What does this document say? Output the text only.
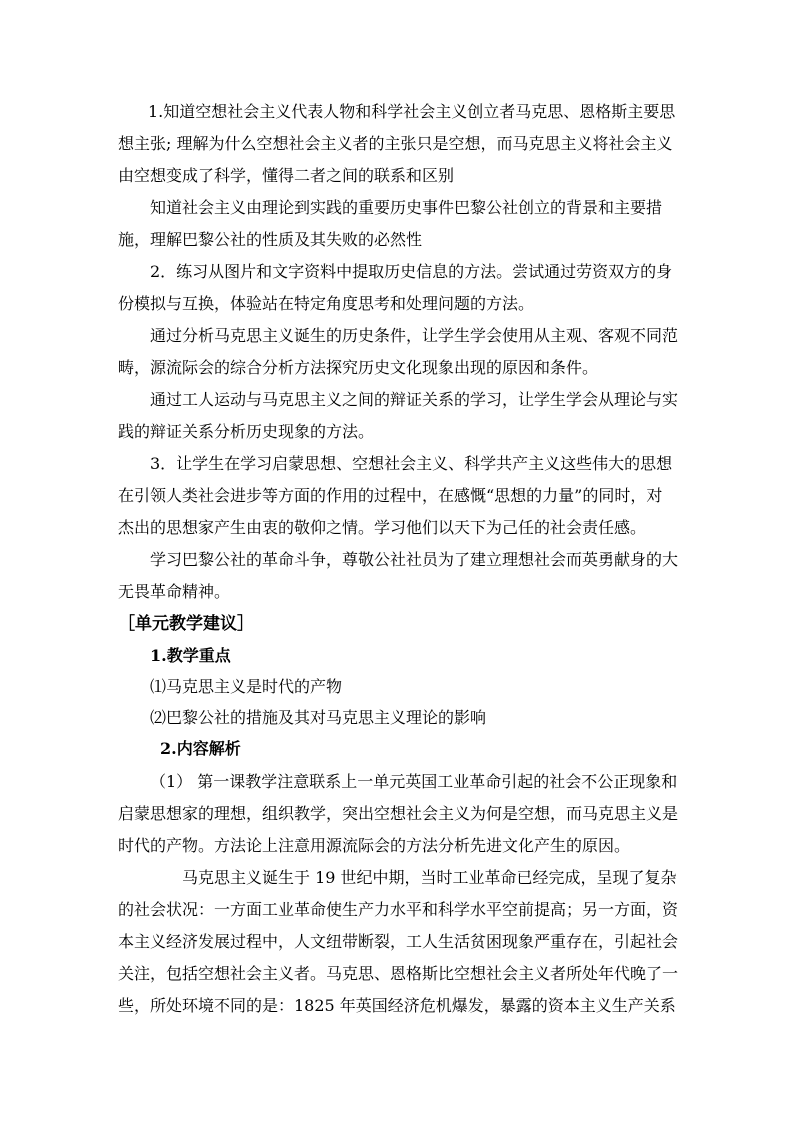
1.知道空想社会主义代表人物和科学社会主义创立者马克思、恩格斯主要思
想主张; 理解为什么空想社会主义者的主张只是空想，而马克思主义将社会主义
由空想变成了科学，懂得二者之间的联系和区别
知道社会主义由理论到实践的重要历史事件巴黎公社创立的背景和主要措
施，理解巴黎公社的性质及其失败的必然性
2．练习从图片和文字资料中提取历史信息的方法。尝试通过劳资双方的身
份模拟与互换，体验站在特定角度思考和处理问题的方法。
通过分析马克思主义诞生的历史条件，让学生学会使用从主观、客观不同范
畴，源流际会的综合分析方法探究历史文化现象出现的原因和条件。
通过工人运动与马克思主义之间的辩证关系的学习，让学生学会从理论与实
践的辩证关系分析历史现象的方法。
3．让学生在学习启蒙思想、空想社会主义、科学共产主义这些伟大的思想
在引领人类社会进步等方面的作用的过程中，在感慨“思想的力量”的同时，对
杰出的思想家产生由衷的敬仰之情。学习他们以天下为己任的社会责任感。
学习巴黎公社的革命斗争，尊敬公社社员为了建立理想社会而英勇献身的大
无畏革命精神。
［单元教学建议］
1.教学重点
⑴马克思主义是时代的产物
⑵巴黎公社的措施及其对马克思主义理论的影响
2.内容解析
（1） 第一课教学注意联系上一单元英国工业革命引起的社会不公正现象和
启蒙思想家的理想，组织教学，突出空想社会主义为何是空想，而马克思主义是
时代的产物。方法论上注意用源流际会的方法分析先进文化产生的原因。
马克思主义诞生于 19 世纪中期，当时工业革命已经完成，呈现了复杂
的社会状况：一方面工业革命使生产力水平和科学水平空前提高；另一方面，资
本主义经济发展过程中，人文纽带断裂，工人生活贫困现象严重存在，引起社会
关注，包括空想社会主义者。马克思、恩格斯比空想社会主义者所处年代晚了一
些，所处环境不同的是：1825 年英国经济危机爆发，暴露的资本主义生产关系
